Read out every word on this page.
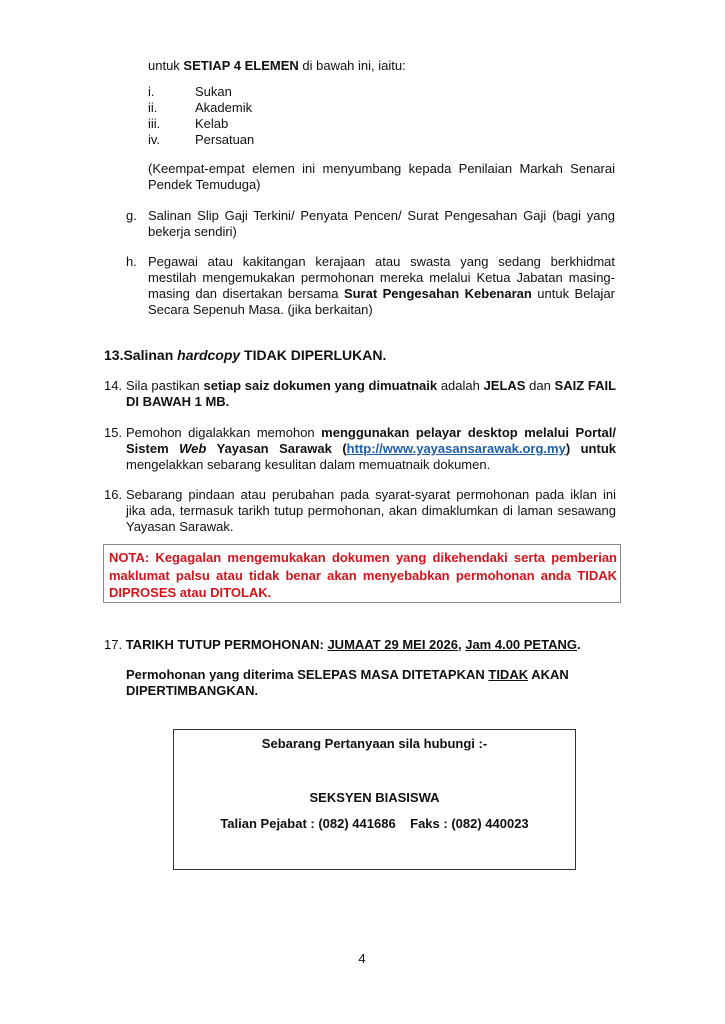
untuk SETIAP 4 ELEMEN di bawah ini, iaitu:
i.	Sukan
ii.	Akademik
iii.	Kelab
iv.	Persatuan
(Keempat-empat elemen ini menyumbang kepada Penilaian Markah Senarai Pendek Temuduga)
g. Salinan Slip Gaji Terkini/ Penyata Pencen/ Surat Pengesahan Gaji (bagi yang bekerja sendiri)
h. Pegawai atau kakitangan kerajaan atau swasta yang sedang berkhidmat mestilah mengemukakan permohonan mereka melalui Ketua Jabatan masing-masing dan disertakan bersama Surat Pengesahan Kebenaran untuk Belajar Secara Sepenuh Masa. (jika berkaitan)
13.Salinan hardcopy TIDAK DIPERLUKAN.
14. Sila pastikan setiap saiz dokumen yang dimuatnaik adalah JELAS dan SAIZ FAIL DI BAWAH 1 MB.
15. Pemohon digalakkan memohon menggunakan pelayar desktop melalui Portal/ Sistem Web Yayasan Sarawak (http://www.yayasansarawak.org.my) untuk mengelakkan sebarang kesulitan dalam memuatnaik dokumen.
16. Sebarang pindaan atau perubahan pada syarat-syarat permohonan pada iklan ini jika ada, termasuk tarikh tutup permohonan, akan dimaklumkan di laman sesawang Yayasan Sarawak.
NOTA: Kegagalan mengemukakan dokumen yang dikehendaki serta pemberian maklumat palsu atau tidak benar akan menyebabkan permohonan anda TIDAK DIPROSES atau DITOLAK.
17. TARIKH TUTUP PERMOHONAN: JUMAAT 29 MEI 2026, Jam 4.00 PETANG.
Permohonan yang diterima SELEPAS MASA DITETAPKAN TIDAK AKAN DIPERTIMBANGKAN.
Sebarang Pertanyaan sila hubungi :-
SEKSYEN BIASISWA
Talian Pejabat : (082) 441686 Faks : (082) 440023
4
